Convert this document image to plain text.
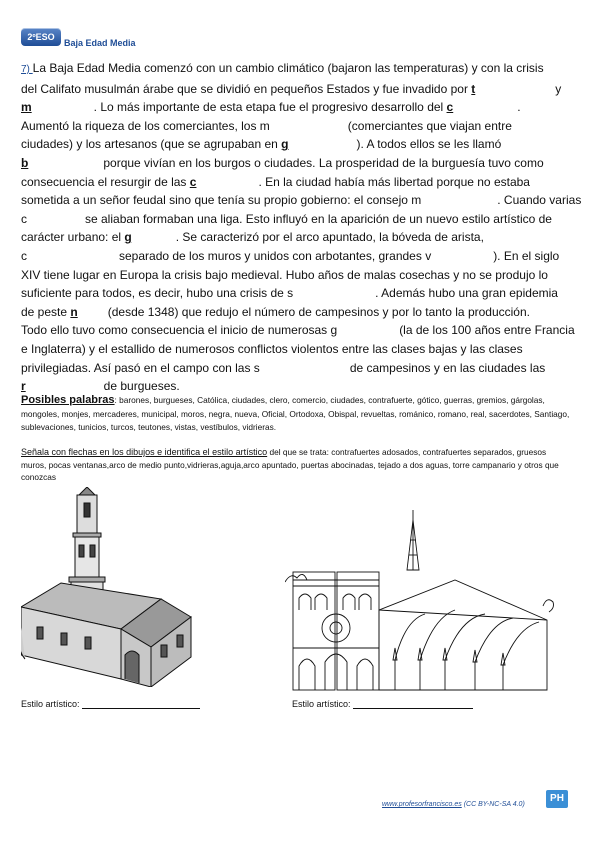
2ºESO
Baja Edad Media

7) La Baja Edad Media comenzó con un cambio climático (bajaron las temperaturas) y con la crisis

del Califato musulmán árabe que se dividió en pequeños Estados y fue invadido por t	y

m	. Lo más importante de esta etapa fue el progresivo desarrollo del c	.

Aumentó la riqueza de los comerciantes, los m	(comerciantes que viajan entre

ciudades) y los artesanos (que se agrupaban en g	). A todos ellos se les llamó

b	porque vivían en los burgos o ciudades. La prosperidad de la burguesía tuvo como

consecuencia el resurgir de las c	. En la ciudad había más libertad porque no estaba

sometida a un señor feudal sino que tenía su propio gobierno: el consejo m	. Cuando varias

c	se aliaban formaban una liga. Esto influyó en la aparición de un nuevo estilo artístico de

carácter urbano: el g	. Se caracterizó por el arco apuntado, la bóveda de arista,

c	separado de los muros y unidos con arbotantes, grandes v	). En el siglo

XIV tiene lugar en Europa la crisis bajo medieval. Hubo años de malas cosechas y no se produjo lo

suficiente para todos, es decir, hubo una crisis de s	. Además hubo una gran epidemia

de peste n	(desde 1348) que redujo el número de campesinos y por lo tanto la producción.

Todo ello tuvo como consecuencia el inicio de numerosas g	(la de los 100 años entre Francia

e Inglaterra) y el estallido de numerosos conflictos violentos entre las clases bajas y las clases

privilegiadas. Así pasó en el campo con las s	de campesinos y en las ciudades las

r	de burgueses.

Posibles palabras: barones, burgueses, Católica, ciudades, clero, comercio, ciudades, contrafuerte, gótico, guerras, gremios, gárgolas, mongoles, monjes, mercaderes, municipal, moros, negra, nueva, Oficial, Ortodoxa, Obispal, revueltas, románico, romano, real, sacerdotes, Santiago, sublevaciones, tunicios, turcos, teutones, vistas, vestíbulos, vidrieras.
Señala con flechas en los dibujos e identifica el estilo artístico del que se trata: contrafuertes adosados, contrafuertes separados, gruesos muros, pocas ventanas,arco de medio punto,vidrieras,aguja,arco apuntado, puertas abocinadas, tejado a dos aguas, torre campanario y otros que conozcas
Estilo artístico:	Estilo artístico:
www.profesorfrancisco.es (CC BY-NC-SA 4.0)
PH
